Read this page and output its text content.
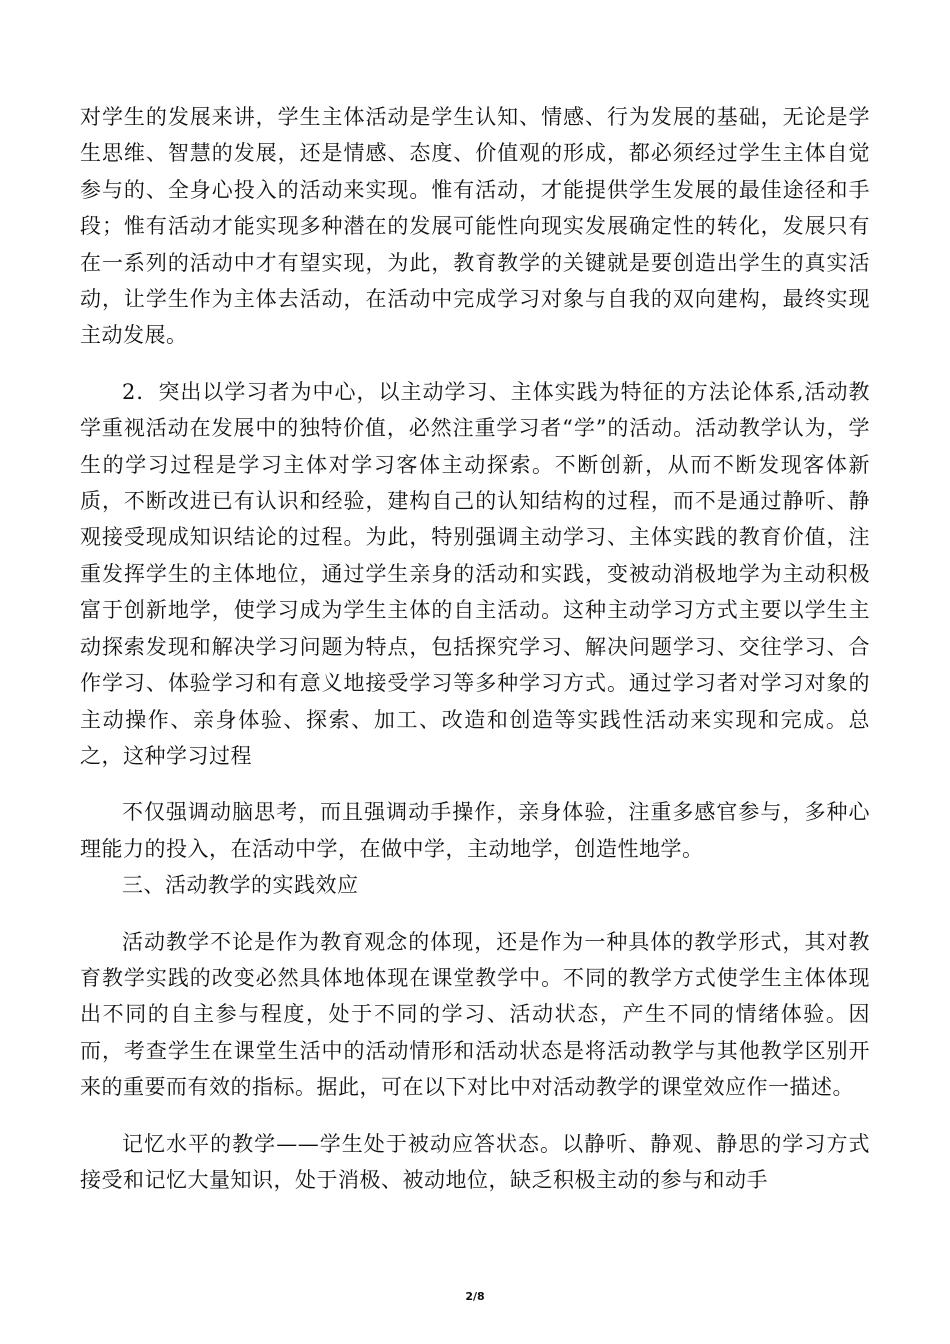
对学生的发展来讲，学生主体活动是学生认知、情感、行为发展的基础，无论是学生思维、智慧的发展，还是情感、态度、价值观的形成，都必须经过学生主体自觉参与的、全身心投入的活动来实现。惟有活动，才能提供学生发展的最佳途径和手段；惟有活动才能实现多种潜在的发展可能性向现实发展确定性的转化，发展只有在一系列的活动中才有望实现，为此，教育教学的关键就是要创造出学生的真实活动，让学生作为主体去活动，在活动中完成学习对象与自我的双向建构，最终实现主动发展。

2．突出以学习者为中心，以主动学习、主体实践为特征的方法论体系,活动教学重视活动在发展中的独特价值，必然注重学习者“学”的活动。活动教学认为，学生的学习过程是学习主体对学习客体主动探索。不断创新，从而不断发现客体新质，不断改进已有认识和经验，建构自己的认知结构的过程，而不是通过静听、静观接受现成知识结论的过程。为此，特别强调主动学习、主体实践的教育价值，注重发挥学生的主体地位，通过学生亲身的活动和实践，变被动消极地学为主动积极富于创新地学，使学习成为学生主体的自主活动。这种主动学习方式主要以学生主动探索发现和解决学习问题为特点，包括探究学习、解决问题学习、交往学习、合作学习、体验学习和有意义地接受学习等多种学习方式。通过学习者对学习对象的主动操作、亲身体验、探索、加工、改造和创造等实践性活动来实现和完成。总之，这种学习过程

不仅强调动脑思考，而且强调动手操作，亲身体验，注重多感官参与，多种心理能力的投入，在活动中学，在做中学，主动地学，创造性地学。

三、活动教学的实践效应

活动教学不论是作为教育观念的体现，还是作为一种具体的教学形式，其对教育教学实践的改变必然具体地体现在课堂教学中。不同的教学方式使学生主体体现出不同的自主参与程度，处于不同的学习、活动状态，产生不同的情绪体验。因而，考查学生在课堂生活中的活动情形和活动状态是将活动教学与其他教学区别开来的重要而有效的指标。据此，可在以下对比中对活动教学的课堂效应作一描述。

记忆水平的教学——学生处于被动应答状态。以静听、静观、静思的学习方式接受和记忆大量知识，处于消极、被动地位，缺乏积极主动的参与和动手

2/8
